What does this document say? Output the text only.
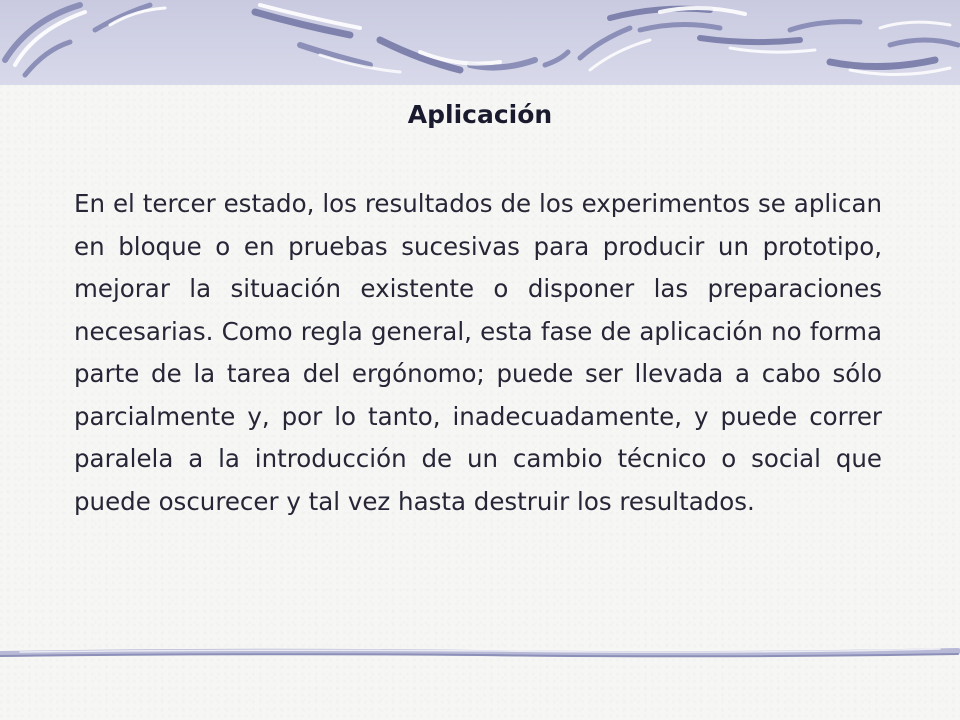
Aplicación

En el tercer estado, los resultados de los experimentos se aplican en bloque o en pruebas sucesivas para producir un prototipo, mejorar la situación existente o disponer las preparaciones necesarias. Como regla general, esta fase de aplicación no forma parte de la tarea del ergónomo; puede ser llevada a cabo sólo parcialmente y, por lo tanto, inadecuadamente, y puede correr paralela a la introducción de un cambio técnico o social que puede oscurecer y tal vez hasta destruir los resultados.
